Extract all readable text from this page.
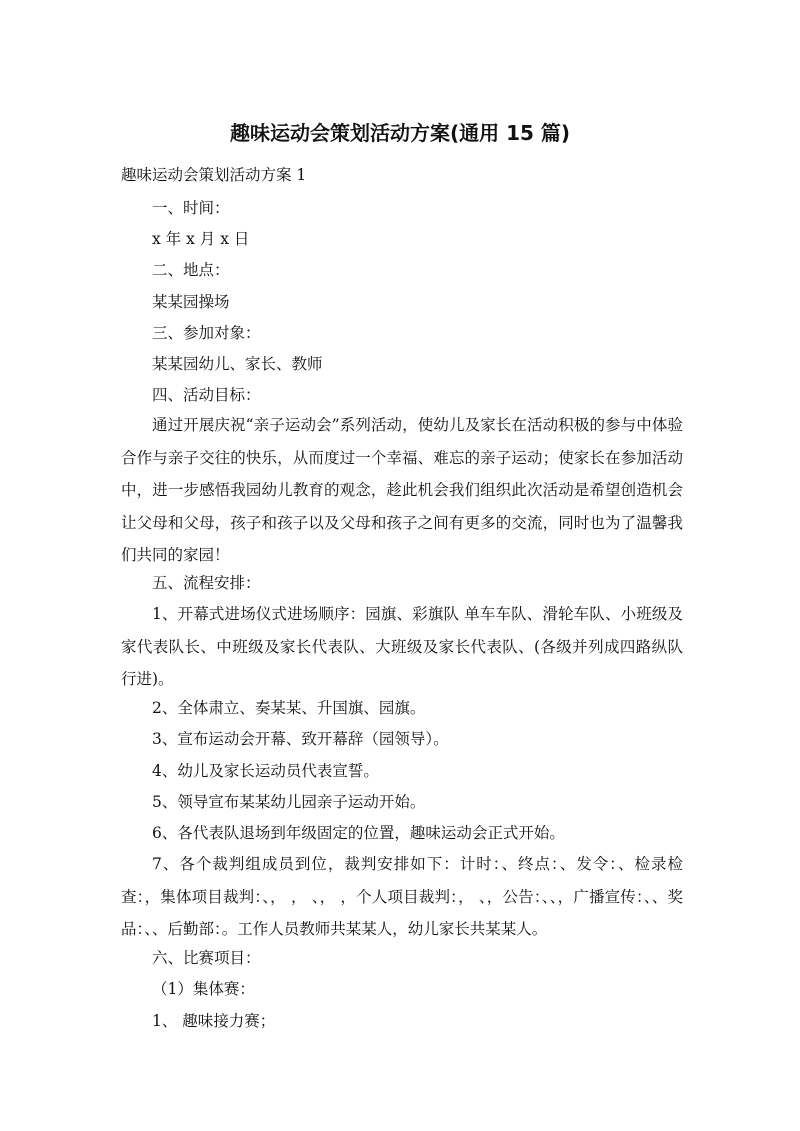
趣味运动会策划活动方案(通用 15 篇)
趣味运动会策划活动方案 1
一、时间：
x 年 x 月 x 日
二、地点：
某某园操场
三、参加对象：
某某园幼儿、家长、教师
四、活动目标：
通过开展庆祝“亲子运动会”系列活动，使幼儿及家长在活动积极的参与中体验合作与亲子交往的快乐，从而度过一个幸福、难忘的亲子运动；使家长在参加活动中，进一步感悟我园幼儿教育的观念，趁此机会我们组织此次活动是希望创造机会让父母和父母，孩子和孩子以及父母和孩子之间有更多的交流，同时也为了温馨我们共同的家园！
五、流程安排：
1、开幕式进场仪式进场顺序：园旗、彩旗队 单车车队、滑轮车队、小班级及家代表队长、中班级及家长代表队、大班级及家长代表队、(各级并列成四路纵队行进)。
2、全体肃立、奏某某、升国旗、园旗。
3、宣布运动会开幕、致开幕辞（园领导）。
4、幼儿及家长运动员代表宣誓。
5、领导宣布某某幼儿园亲子运动开始。
6、各代表队退场到年级固定的位置，趣味运动会正式开始。
7、各个裁判组成员到位，裁判安排如下：计时：、终点：、发令：、检录检查：，集体项目裁判：、， ， 、， ，个人项目裁判：， 、，公告：、、，广播宣传：、、奖品：、、后勤部：。工作人员教师共某某人，幼儿家长共某某人。
六、比赛项目：
（1）集体赛：
1、 趣味接力赛；
